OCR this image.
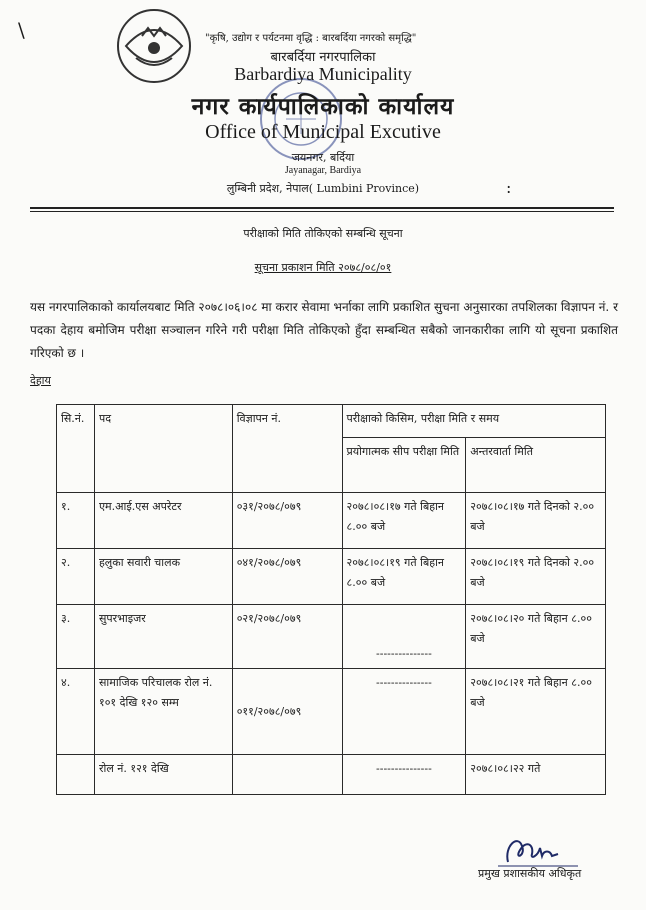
\	"कृषि, उद्योग र पर्यटनमा वृद्धि : बारबर्दिया नगरको समृद्धि"
बारबर्दिया नगरपालिका
Barbardiya Municipality
नगर कार्यपालिकाको कार्यालय
Office of Municipal Excutive
जयनगर, बर्दिया
Jayanagar, Bardiya
लुम्बिनी प्रदेश, नेपाल( Lumbini Province)	:
परीक्षाको मिति तोकिएको सम्बन्धि सूचना
सूचना प्रकाशन मिति २०७८/०८/०१

यस नगरपालिकाको कार्यालयबाट मिति २०७८।०६।०८ मा करार सेवामा भर्नाका लागि प्रकाशित सुचना अनुसारका तपशिलका विज्ञापन नं. र पदका देहाय बमोजिम परीक्षा सञ्चालन गरिने गरी परीक्षा मिति तोकिएको हुँदा सम्बन्धित सबैको जानकारीका लागि यो सूचना प्रकाशित गरिएको छ ।

देहाय
सि.नं.	पद	विज्ञापन नं.	परीक्षाको किसिम, परीक्षा मिति र समय	
			प्रयोगात्मक सीप परीक्षा मिति	अन्तरवार्ता मिति
१.	एम.आई.एस अपरेटर	०३१/२०७८/०७९	२०७८।०८।१७ गते बिहान ८.०० बजे	२०७८।०८।१७ गते दिनको २.०० बजे
२.	हलुका सवारी चालक	०४१/२०७८/०७९	२०७८।०८।१९ गते बिहान ८.०० बजे	२०७८।०८।१९ गते दिनको २.०० बजे
३.	सुपरभाइजर	०२१/२०७८/०७९	---------------	२०७८।०८।२० गते बिहान ८.०० बजे
४.	सामाजिक परिचालक रोल नं. १०१ देखि १२० सम्म	०११/२०७८/०७९	---------------	२०७८।०८।२१ गते बिहान ८.०० बजे
	रोल नं. १२१ देखि		---------------	२०७८।०८।२२ गते
प्रमुख प्रशासकीय अधिकृत
